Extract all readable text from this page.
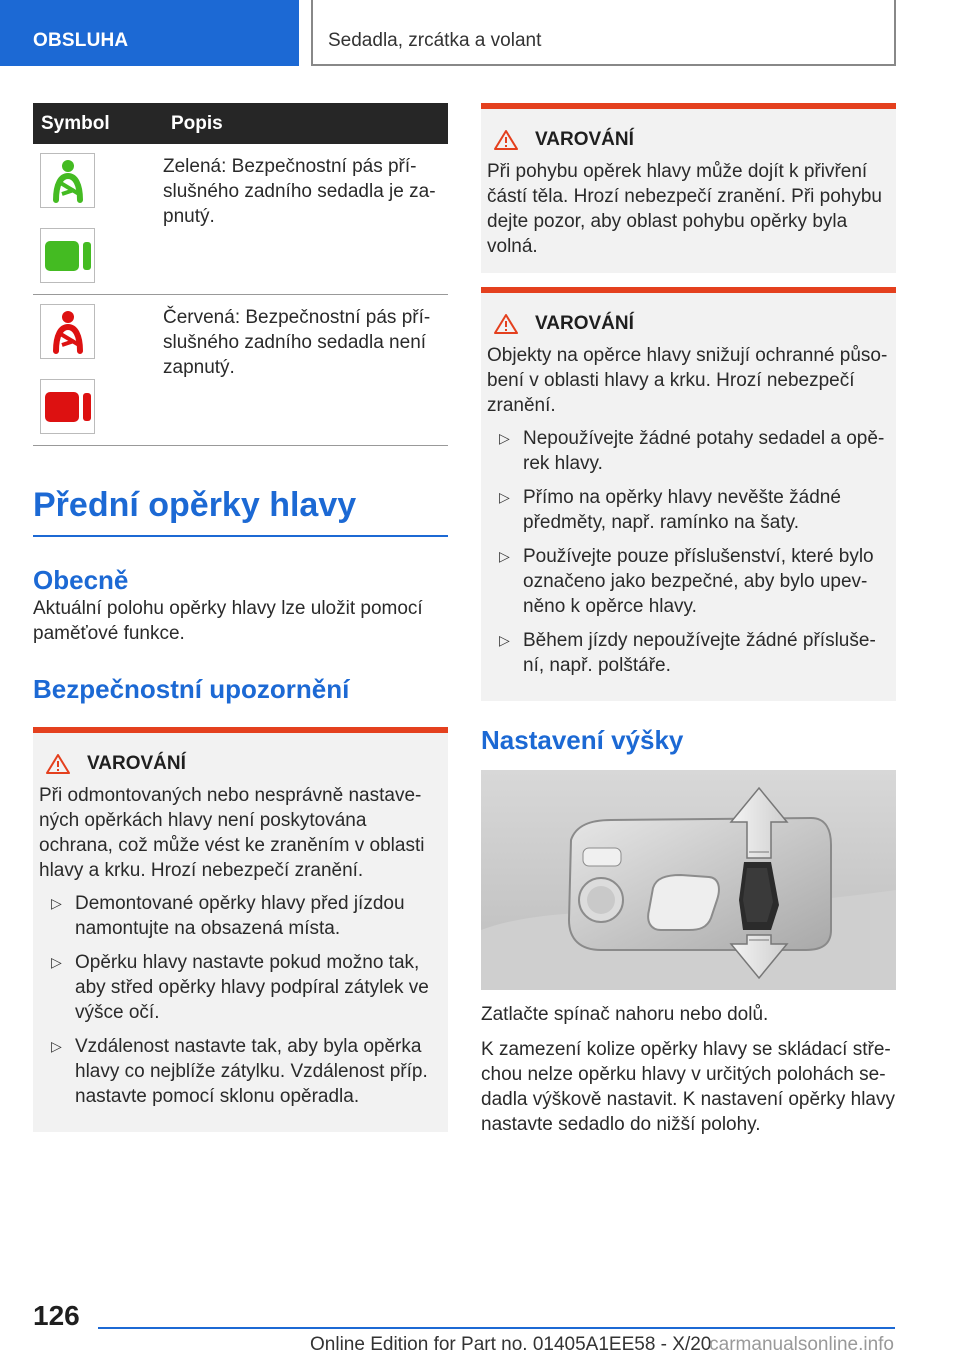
OBSLUHA	Sedadla, zrcátka a volant
Symbol	Popis

	Zelená: Bezpečnostní pás příslušného zadního sedadla je zapnutý.

	Červená: Bezpečnostní pás příslušného zadního sedadla není zapnutý.
Přední opěrky hlavy
Obecně

Aktuální polohu opěrky hlavy lze uložit pomocí paměťové funkce.

Bezpečnostní upozornění
VAROVÁNÍ

Při odmontovaných nebo nesprávně nastavených opěrkách hlavy není poskytována ochrana, což může vést ke zraněním v oblasti hlavy a krku. Hrozí nebezpečí zranění.

▷ Demontované opěrky hlavy před jízdou namontujte na obsazená místa.
▷ Opěrku hlavy nastavte pokud možno tak, aby střed opěrky hlavy podpíral zátylek ve výšce očí.
▷ Vzdálenost nastavte tak, aby byla opěrka hlavy co nejblíže zátylku. Vzdálenost příp. nastavte pomocí sklonu opěradla.
VAROVÁNÍ

Při pohybu opěrek hlavy může dojít k přivření částí těla. Hrozí nebezpečí zranění. Při pohybu dejte pozor, aby oblast pohybu opěrky byla volná.

VAROVÁNÍ

Objekty na opěrce hlavy snižují ochranné působení v oblasti hlavy a krku. Hrozí nebezpečí zranění.

▷ Nepoužívejte žádné potahy sedadel a opěrek hlavy.
▷ Přímo na opěrky hlavy nevěšte žádné předměty, např. ramínko na šaty.
▷ Používejte pouze příslušenství, které bylo označeno jako bezpečné, aby bylo upevněno k opěrce hlavy.
▷ Během jízdy nepoužívejte žádné příslušení, např. polštáře.
Nastavení výšky

Zatlačte spínač nahoru nebo dolů.

K zamezení kolize opěrky hlavy se skládací střechou nelze opěrku hlavy v určitých polohách sedadla výškově nastavit. K nastavení opěrky hlavy nastavte sedadlo do nižší polohy.

126
Online Edition for Part no. 01405A1EE58 - X/20
carmanualsonline.info
